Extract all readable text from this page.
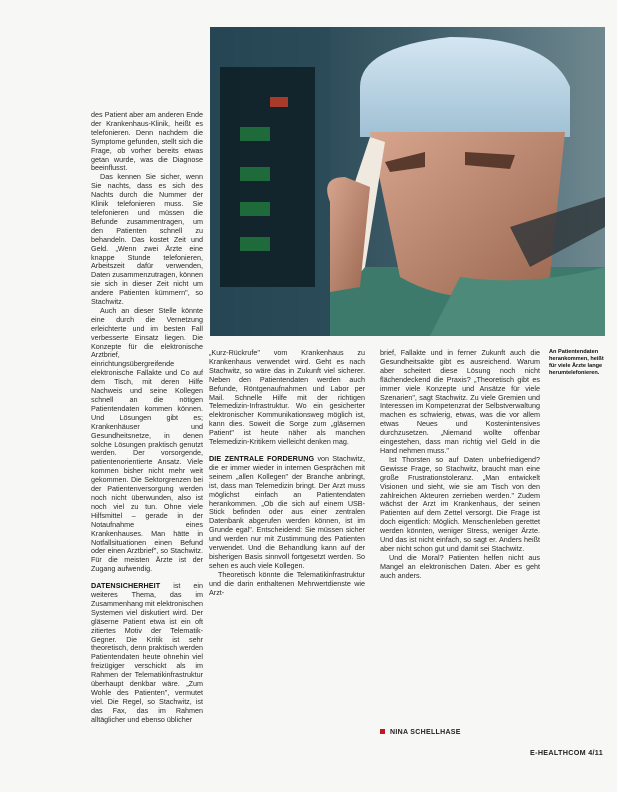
An Patientendaten herankommen, heißt für viele Ärzte lange herumtelefonieren.

des Patient aber am anderen Ende der Krankenhaus-Klinik, heißt es telefonieren. Denn nachdem die Symptome gefunden, stellt sich die Frage, ob vorher bereits etwas getan wurde, was die Diagnose beeinflusst.

Das kennen Sie sicher, wenn Sie nachts, dass es sich des Nachts durch die Nummer der Klinik telefonieren muss. Sie telefonieren und müssen die Befunde zusammentragen, um den Patienten schnell zu behandeln. Das kostet Zeit und Geld. „Wenn zwei Ärzte eine knappe Stunde telefonieren, Arbeitszeit dafür verwenden, Daten zusammenzutragen, können sie sich in dieser Zeit nicht um andere Patienten kümmern", so Stachwitz.

Auch an dieser Stelle könnte eine durch die Vernetzung erleichterte und im besten Fall verbesserte Einsatz liegen. Die Konzepte für die elektronische Arztbrief, einrichtungsübergreifende elektronische Fallakte und Co auf dem Tisch, mit deren Hilfe Nachweis und seine Kollegen schnell an die nötigen Patientendaten kommen können. Und Lösungen gibt es; Krankenhäuser und Gesundheitsnetze, in denen solche Lösungen praktisch genutzt werden. Der vorsorgende, patientenorientierte Ansatz. Viele kommen bisher nicht mehr weit gekommen. Die Sektorgrenzen bei der Patientenversorgung werden noch nicht überwunden, also ist noch viel zu tun. Ohne viele Hilfsmittel – gerade in der Notaufnahme eines Krankenhauses. Man hätte in Notfallsituationen einen Befund oder einen Arztbrief", so Stachwitz. Für die meisten Ärzte ist der Zugang aufwendig.

DATENSICHERHEIT ist ein weiteres Thema, das im Zusammenhang mit elektronischen Systemen viel diskutiert wird. Der gläserne Patient etwa ist ein oft zitiertes Motiv der Telematik-Gegner. Die Kritik ist sehr theoretisch, denn praktisch werden Patientendaten heute ohnehin viel freizügiger verschickt als im Rahmen der Telematikinfrastruktur überhaupt denkbar wäre. „Zum Wohle des Patienten", vermutet viel. Die Regel, so Stachwitz, ist das Fax, das im Rahmen alltäglicher und ebenso üblicher

„Kurz-Rückrufe" vom Krankenhaus zu Krankenhaus verwendet wird. Geht es nach Stachwitz, so wäre das in Zukunft viel sicherer. Neben den Patientendaten werden auch Befunde, Röntgenaufnahmen und Labor per Mail. Schnelle Hilfe mit der richtigen Telemedizin-Infrastruktur. Wo ein gesicherter elektronischer Kommunikationsweg möglich ist, kann dies. Soweit die Sorge zum „gläsernen Patient" ist heute näher als manchen Telemedizin-Kritikern vielleicht denken mag.

DIE ZENTRALE FORDERUNG von Stachwitz, die er immer wieder in internen Gesprächen mit seinem „allen Kollegen" der Branche anbringt, ist, dass man Telemedizin bringt. Der Arzt muss möglichst einfach an Patientendaten herankommen. „Ob die sich auf einem USB-Stick befinden oder aus einer zentralen Datenbank abgerufen werden können, ist im Grunde egal". Entscheidend: Sie müssen sicher und werden nur mit Zustimmung des Patienten verwendet. Und die Behandlung kann auf der bisherigen Basis sinnvoll fortgesetzt werden. So sehen es auch viele Kollegen.

Theoretisch könnte die Telematikinfrastruktur und die darin enthaltenen Mehrwertdienste wie Arzt-

brief, Fallakte und in ferner Zukunft auch die Gesundheitsakte gibt es ausreichend. Warum aber scheitert diese Lösung noch nicht flächendeckend die Praxis? „Theoretisch gibt es immer viele Konzepte und Ansätze für viele Szenarien", sagt Stachwitz. Zu viele Gremien und Interessen im Kompetenzrat der Selbstverwaltung machen es schwierig, etwas, was die vor allem etwas Neues und Kostenintensives durchzusetzen. „Niemand wollte offenbar eingestehen, dass man richtig viel Geld in die Hand nehmen muss."

Ist Thorsten so auf Daten unbefriedigend? Gewisse Frage, so Stachwitz, braucht man eine große Frustrationstoleranz. „Man entwickelt Visionen und sieht, wie sie am Tisch von den zahlreichen Akteuren zerrieben werden." Zudem wächst der Arzt im Krankenhaus, der seinen Patienten auf dem Zettel versorgt. Die Frage ist doch eigentlich: Möglich. Menschenleben gerettet werden könnten, weniger Stress, weniger Ärzte. Und das ist nicht einfach, so sagt er. Anders heißt aber nicht schon gut und damit sei Stachwitz.

Und die Moral? Patienten helfen nicht aus Mangel an elektronischen Daten. Aber es geht auch anders.

NINA SCHELLHASE
E-HEALTHCOM 4/11
